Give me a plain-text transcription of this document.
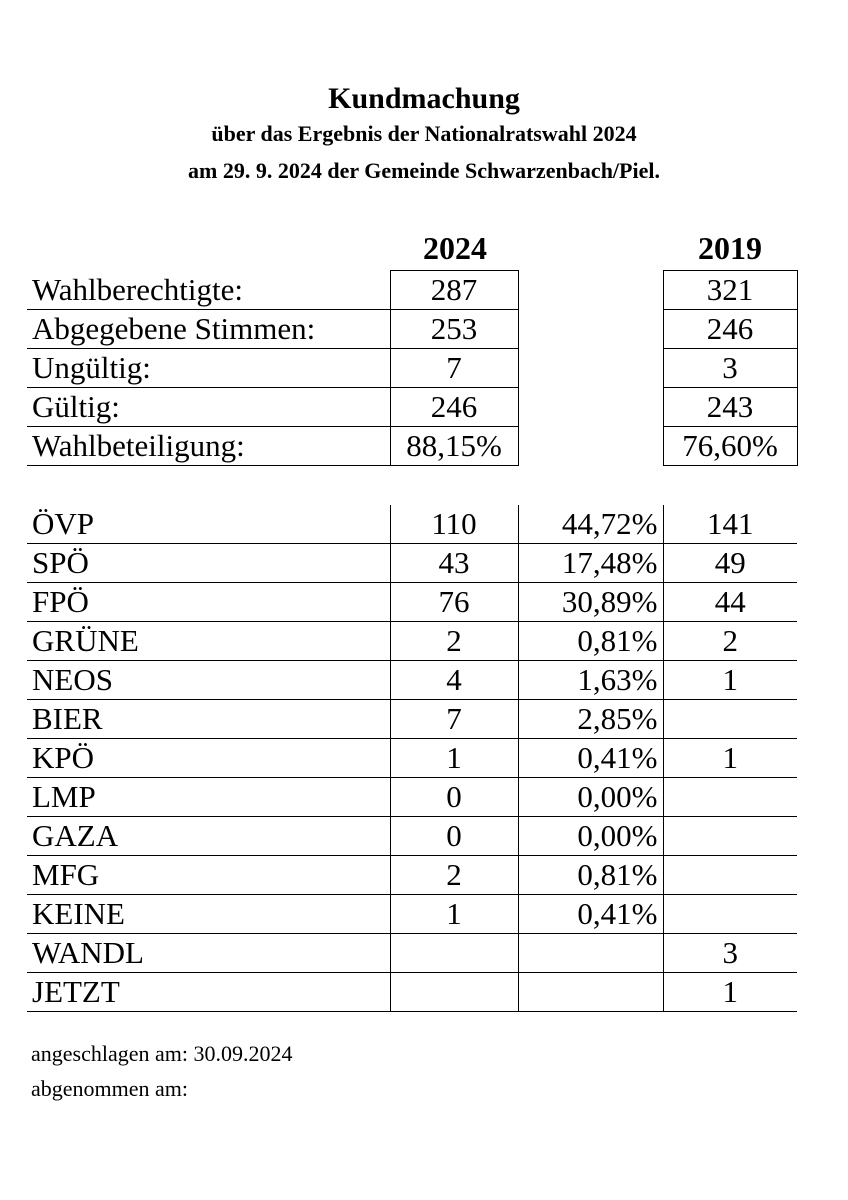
Kundmachung
über das Ergebnis der Nationalratswahl 2024
am 29. 9. 2024 der Gemeinde Schwarzenbach/Piel.
2024	2019
Wahlberechtigte:	287		321
Abgegebene Stimmen:	253		246
Ungültig:	7		3
Gültig:	246		243
Wahlbeteiligung:	88,15%		76,60%
ÖVP	110	44,72%	141
SPÖ	43	17,48%	49
FPÖ	76	30,89%	44
GRÜNE	2	0,81%	2
NEOS	4	1,63%	1
BIER	7	2,85%	
KPÖ	1	0,41%	1
LMP	0	0,00%	
GAZA	0	0,00%	
MFG	2	0,81%	
KEINE	1	0,41%	
WANDL			3
JETZT			1
angeschlagen am: 30.09.2024
abgenommen am:
